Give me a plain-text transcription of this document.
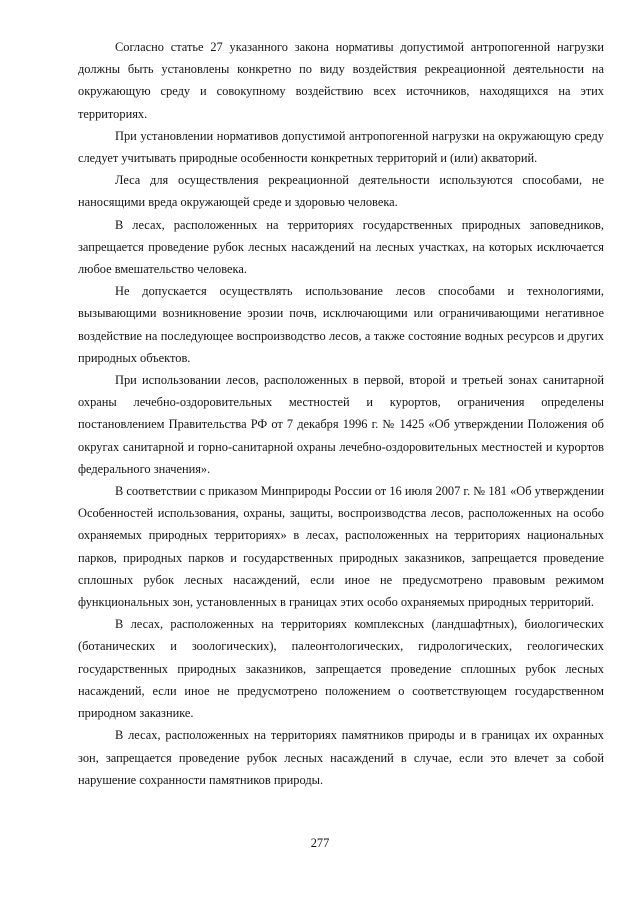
Согласно статье 27 указанного закона нормативы допустимой антропогенной нагрузки должны быть установлены конкретно по виду воздействия рекреационной деятельности на окружающую среду и совокупному воздействию всех источников, находящихся на этих территориях.

При установлении нормативов допустимой антропогенной нагрузки на окружающую среду следует учитывать природные особенности конкретных территорий и (или) акваторий.

Леса для осуществления рекреационной деятельности используются способами, не наносящими вреда окружающей среде и здоровью человека.

В лесах, расположенных на территориях государственных природных заповедников, запрещается проведение рубок лесных насаждений на лесных участках, на которых исключается любое вмешательство человека.

Не допускается осуществлять использование лесов способами и технологиями, вызывающими возникновение эрозии почв, исключающими или ограничивающими негативное воздействие на последующее воспроизводство лесов, а также состояние водных ресурсов и других природных объектов.

При использовании лесов, расположенных в первой, второй и третьей зонах санитарной охраны лечебно-оздоровительных местностей и курортов, ограничения определены постановлением Правительства РФ от 7 декабря 1996 г. № 1425 «Об утверждении Положения об округах санитарной и горно-санитарной охраны лечебно-оздоровительных местностей и курортов федерального значения».

В соответствии с приказом Минприроды России от 16 июля 2007 г. № 181 «Об утверждении Особенностей использования, охраны, защиты, воспроизводства лесов, расположенных на особо охраняемых природных территориях» в лесах, расположенных на территориях национальных парков, природных парков и государственных природных заказников, запрещается проведение сплошных рубок лесных насаждений, если иное не предусмотрено правовым режимом функциональных зон, установленных в границах этих особо охраняемых природных территорий.

В лесах, расположенных на территориях комплексных (ландшафтных), биологических (ботанических и зоологических), палеонтологических, гидрологических, геологических государственных природных заказников, запрещается проведение сплошных рубок лесных насаждений, если иное не предусмотрено положением о соответствующем государственном природном заказнике.

В лесах, расположенных на территориях памятников природы и в границах их охранных зон, запрещается проведение рубок лесных насаждений в случае, если это влечет за собой нарушение сохранности памятников природы.

277
